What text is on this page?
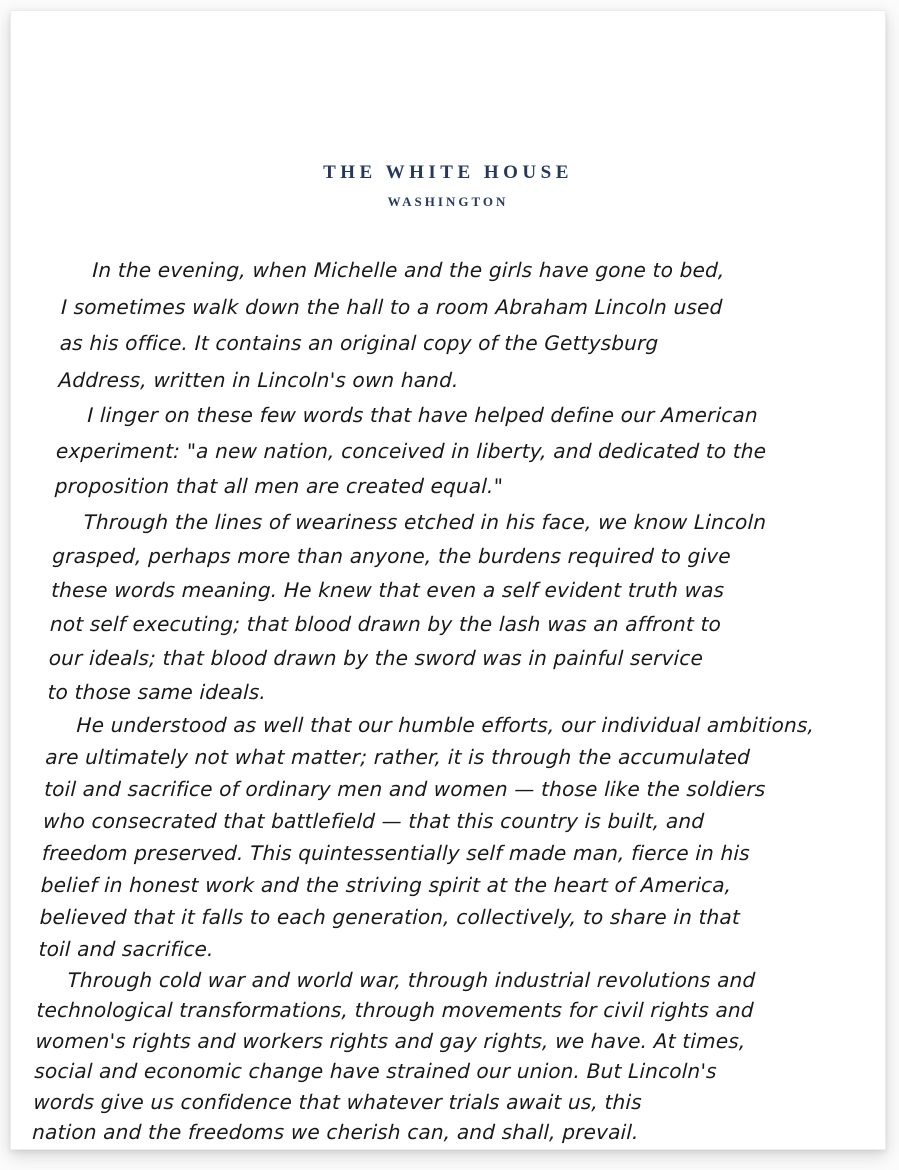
THE WHITE HOUSE
WASHINGTON
In the evening, when Michelle and the girls have gone to bed,
I sometimes walk down the hall to a room Abraham Lincoln used
as his office. It contains an original copy of the Gettysburg
Address, written in Lincoln's own hand.
I linger on these few words that have helped define our American
experiment: "a new nation, conceived in liberty, and dedicated to the
proposition that all men are created equal."
Through the lines of weariness etched in his face, we know Lincoln
grasped, perhaps more than anyone, the burdens required to give
these words meaning. He knew that even a self evident truth was
not self executing; that blood drawn by the lash was an affront to
our ideals; that blood drawn by the sword was in painful service
to those same ideals.
He understood as well that our humble efforts, our individual ambitions,
are ultimately not what matter; rather, it is through the accumulated
toil and sacrifice of ordinary men and women — those like the soldiers
who consecrated that battlefield — that this country is built, and
freedom preserved. This quintessentially self made man, fierce in his
belief in honest work and the striving spirit at the heart of America,
believed that it falls to each generation, collectively, to share in that
toil and sacrifice.
Through cold war and world war, through industrial revolutions and
technological transformations, through movements for civil rights and
women's rights and workers rights and gay rights, we have. At times,
social and economic change have strained our union. But Lincoln's
words give us confidence that whatever trials await us, this
nation and the freedoms we cherish can, and shall, prevail.
